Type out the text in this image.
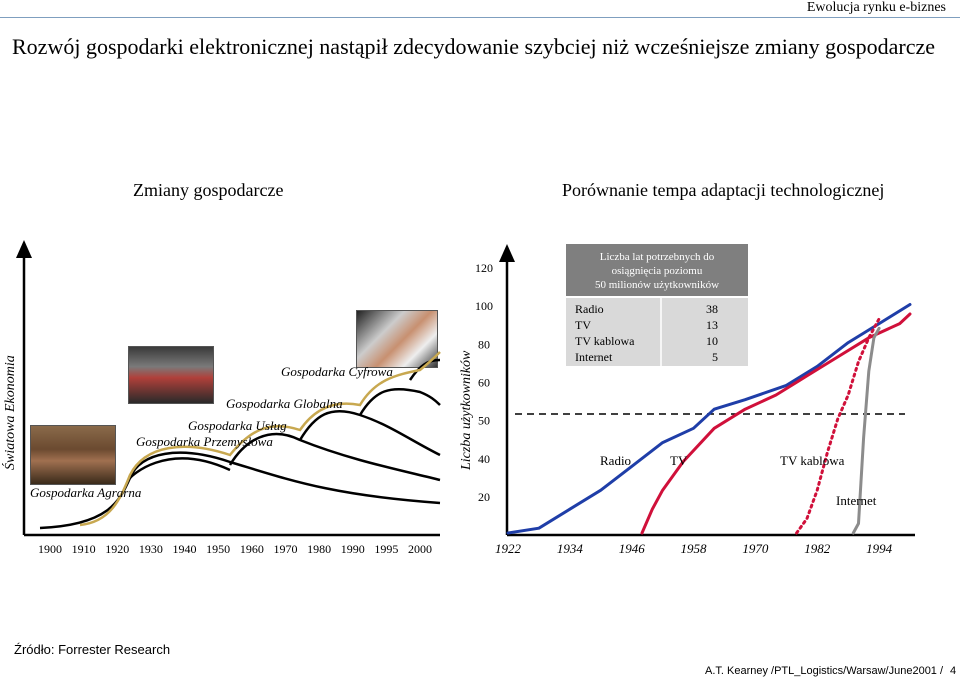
Ewolucja rynku e-biznes
Rozwój gospodarki elektronicznej nastąpił zdecydowanie szybciej niż wcześniejsze zmiany gospodarcze
Zmiany gospodarcze	Porównanie tempa adaptacji technologicznej
Światowa Ekonomia
Gospodarka Agrarna
Gospodarka Przemysłowa
Gospodarka Usług
Gospodarka Globalna
Gospodarka Cyfrowa
1900 1910 1920 1930 1940 1950 1960 1970 1980 1990 1995 2000
Liczba użytkowników
20
40
50
60
80
100
120
1922	1934	1946	1958	1970	1982	1994
Liczba lat potrzebnych do
osiągnięcia poziomu
50 milionów użytkowników
Radio	38
TV	13
TV kablowa	10
Internet	5
Radio	TV	TV kablowa
Internet
Źródło: Forrester Research
A.T. Kearney /PTL_Logistics/Warsaw/June2001 / 4
